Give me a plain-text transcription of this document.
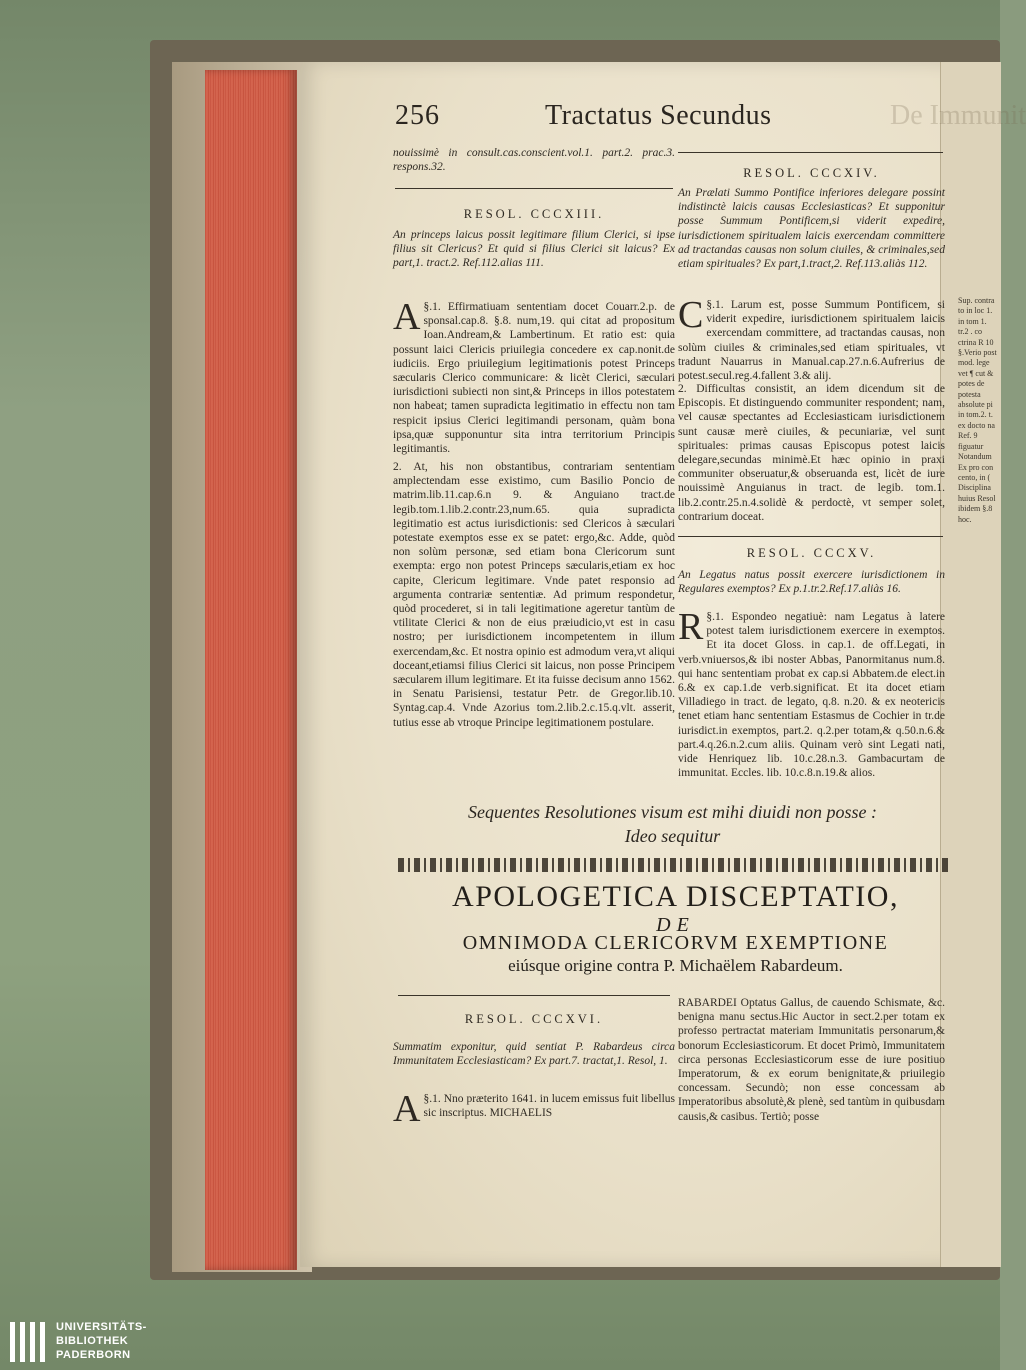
De Immunit
256	Tractatus Secundus
nouissimè in consult.cas.conscient.vol.1. part.2. prac.3. respons.32.
RESOL. CCCXIII.
An princeps laicus possit legitimare filium Clerici, si ipse filius sit Clericus? Et quid si filius Clerici sit laicus? Ex part,1. tract.2. Ref.112.alias 111.
§.1.
A Effirmatiuam sententiam docet Couarr.2.p. de sponsal.cap.8. §.8. num,19. qui citat ad propositum Ioan.Andream,& Lambertinum. Et ratio est: quia possunt laici Clericis priuilegia concedere ex cap.nonit.de iudiciis. Ergo priuilegium legitimationis potest Princeps sæcularis Clerico communicare: & licèt Clerici, sæculari iurisdictioni subiecti non sint,& Princeps in illos potestatem non habeat; tamen supradicta legitimatio in effectu non tam respicit ipsius Clerici legitimandi personam, quàm bona ipsa,quæ supponuntur sita intra territorium Principis legitimantis.
2. At, his non obstantibus, contrariam sententiam amplectendam esse existimo, cum Basilio Poncio de matrim.lib.11.cap.6.n 9. & Anguiano tract.de legib.tom.1.lib.2.contr.23,num.65. quia supradicta legitimatio est actus iurisdictionis: sed Clericos à sæculari potestate exemptos esse ex se patet: ergo,&c. Adde, quòd non solùm personæ, sed etiam bona Clericorum sunt exempta: ergo non potest Princeps sæcularis,etiam ex hoc capite, Clericum legitimare. Vnde patet responsio ad argumenta contrariæ sententiæ. Ad primum respondetur, quòd procederet, si in tali legitimatione ageretur tantùm de vtilitate Clerici & non de eius præiudicio,vt est in casu nostro; per iurisdictionem incompetentem in illum exercendam,&c. Et nostra opinio est admodum vera,vt aliqui doceant,etiamsi filius Clerici sit laicus, non posse Principem sæcularem illum legitimare. Et ita fuisse decisum anno 1562. in Senatu Parisiensi, testatur Petr. de Gregor.lib.10. Syntag.cap.4. Vnde Azorius tom.2.lib.2.c.15.q.vlt. asserit, tutius esse ab vtroque Principe legitimationem postulare.
RESOL. CCCXIV.
An Prælati Summo Pontifice inferiores delegare possint indistinctè laicis causas Ecclesiasticas? Et supponitur posse Summum Pontificem,si viderit expedire, iurisdictionem spiritualem laicis exercendam committere ad tractandas causas non solum ciuiles, & criminales,sed etiam spirituales? Ex part,1.tract,2. Ref.113.aliàs 112.
§.1.
C Larum est, posse Summum Pontificem, si viderit expedire, iurisdictionem spiritualem laicis exercendam committere, ad tractandas causas, non solùm ciuiles & criminales,sed etiam spirituales, vt tradunt Nauarrus in Manual.cap.27.n.6.Aufrerius de potest.secul.reg.4.fallent 3.& alij.
2. Difficultas consistit, an idem dicendum sit de Episcopis. Et distinguendo communiter respondent; nam, vel causæ spectantes ad Ecclesiasticam iurisdictionem sunt causæ merè ciuiles, & pecuniariæ, vel sunt spirituales: primas causas Episcopus potest laicis delegare,secundas minimè.Et hæc opinio in praxi communiter obseruatur,& obseruanda est, licèt de iure nouissimè Anguianus in tract. de legib. tom.1. lib.2.contr.25.n.4.solidè & perdoctè, vt semper solet, contrarium doceat.
RESOL. CCCXV.
An Legatus natus possit exercere iurisdictionem in Regulares exemptos? Ex p.1.tr.2.Ref.17.aliàs 16.
§.1.
R Espondeo negatiuè: nam Legatus à latere potest talem iurisdictionem exercere in exemptos. Et ita docet Gloss. in cap.1. de off.Legati, in verb.vniuersos,& ibi noster Abbas, Panormitanus num.8. qui hanc sententiam probat ex cap.si Abbatem.de elect.in 6.& ex cap.1.de verb.significat. Et ita docet etiam Villadiego in tract. de legato, q.8. n.20. & ex neotericis tenet etiam hanc sententiam Estasmus de Cochier in tr.de iurisdict.in exemptos, part.2. q.2.per totam,& q.50.n.6.& part.4.q.26.n.2.cum aliis. Quinam verò sint Legati nati, vide Henriquez lib. 10.c.28.n.3. Gambacurtam de immunitat. Eccles. lib. 10.c.8.n.19.& alios.
Sup. contra to in loc 1. in tom 1. tr.2 . co ctrina R 10 §.Verio post mod. lege vet ¶ cut & potes de potesta absolute pi in tom.2. t. ex docto na Ref. 9 figuatur Notandum Ex pro con cento, in ( Disciplina huius Resol ibidem §.8 hoc.
Sequentes Resolutiones visum est mihi diuidi non posse :
Ideo sequitur
APOLOGETICA DISCEPTATIO,
DE
OMNIMODA CLERICORVM EXEMPTIONE
eiúsque origine contra P. Michaëlem Rabardeum.
RESOL. CCCXVI.
Summatim exponitur, quid sentiat P. Rabardeus circa Immunitatem Ecclesiasticam? Ex part.7. tractat,1. Resol, 1.
§.1.
A Nno præterito 1641. in lucem emissus fuit libellus sic inscriptus. MICHAELIS
RABARDEI Optatus Gallus, de cauendo Schismate, &c. benigna manu sectus.Hic Auctor in sect.2.per totam ex professo pertractat materiam Immunitatis personarum,& bonorum Ecclesiasticorum. Et docet Primò, Immunitatem circa personas Ecclesiasticorum esse de iure positiuo Imperatorum, & ex eorum benignitate,& priuilegio concessam. Secundò; non esse concessam ab Imperatoribus absolutè,& plenè, sed tantùm in quibusdam causis,& casibus. Tertiò; posse
UNIVERSITÄTS-
BIBLIOTHEK
PADERBORN
